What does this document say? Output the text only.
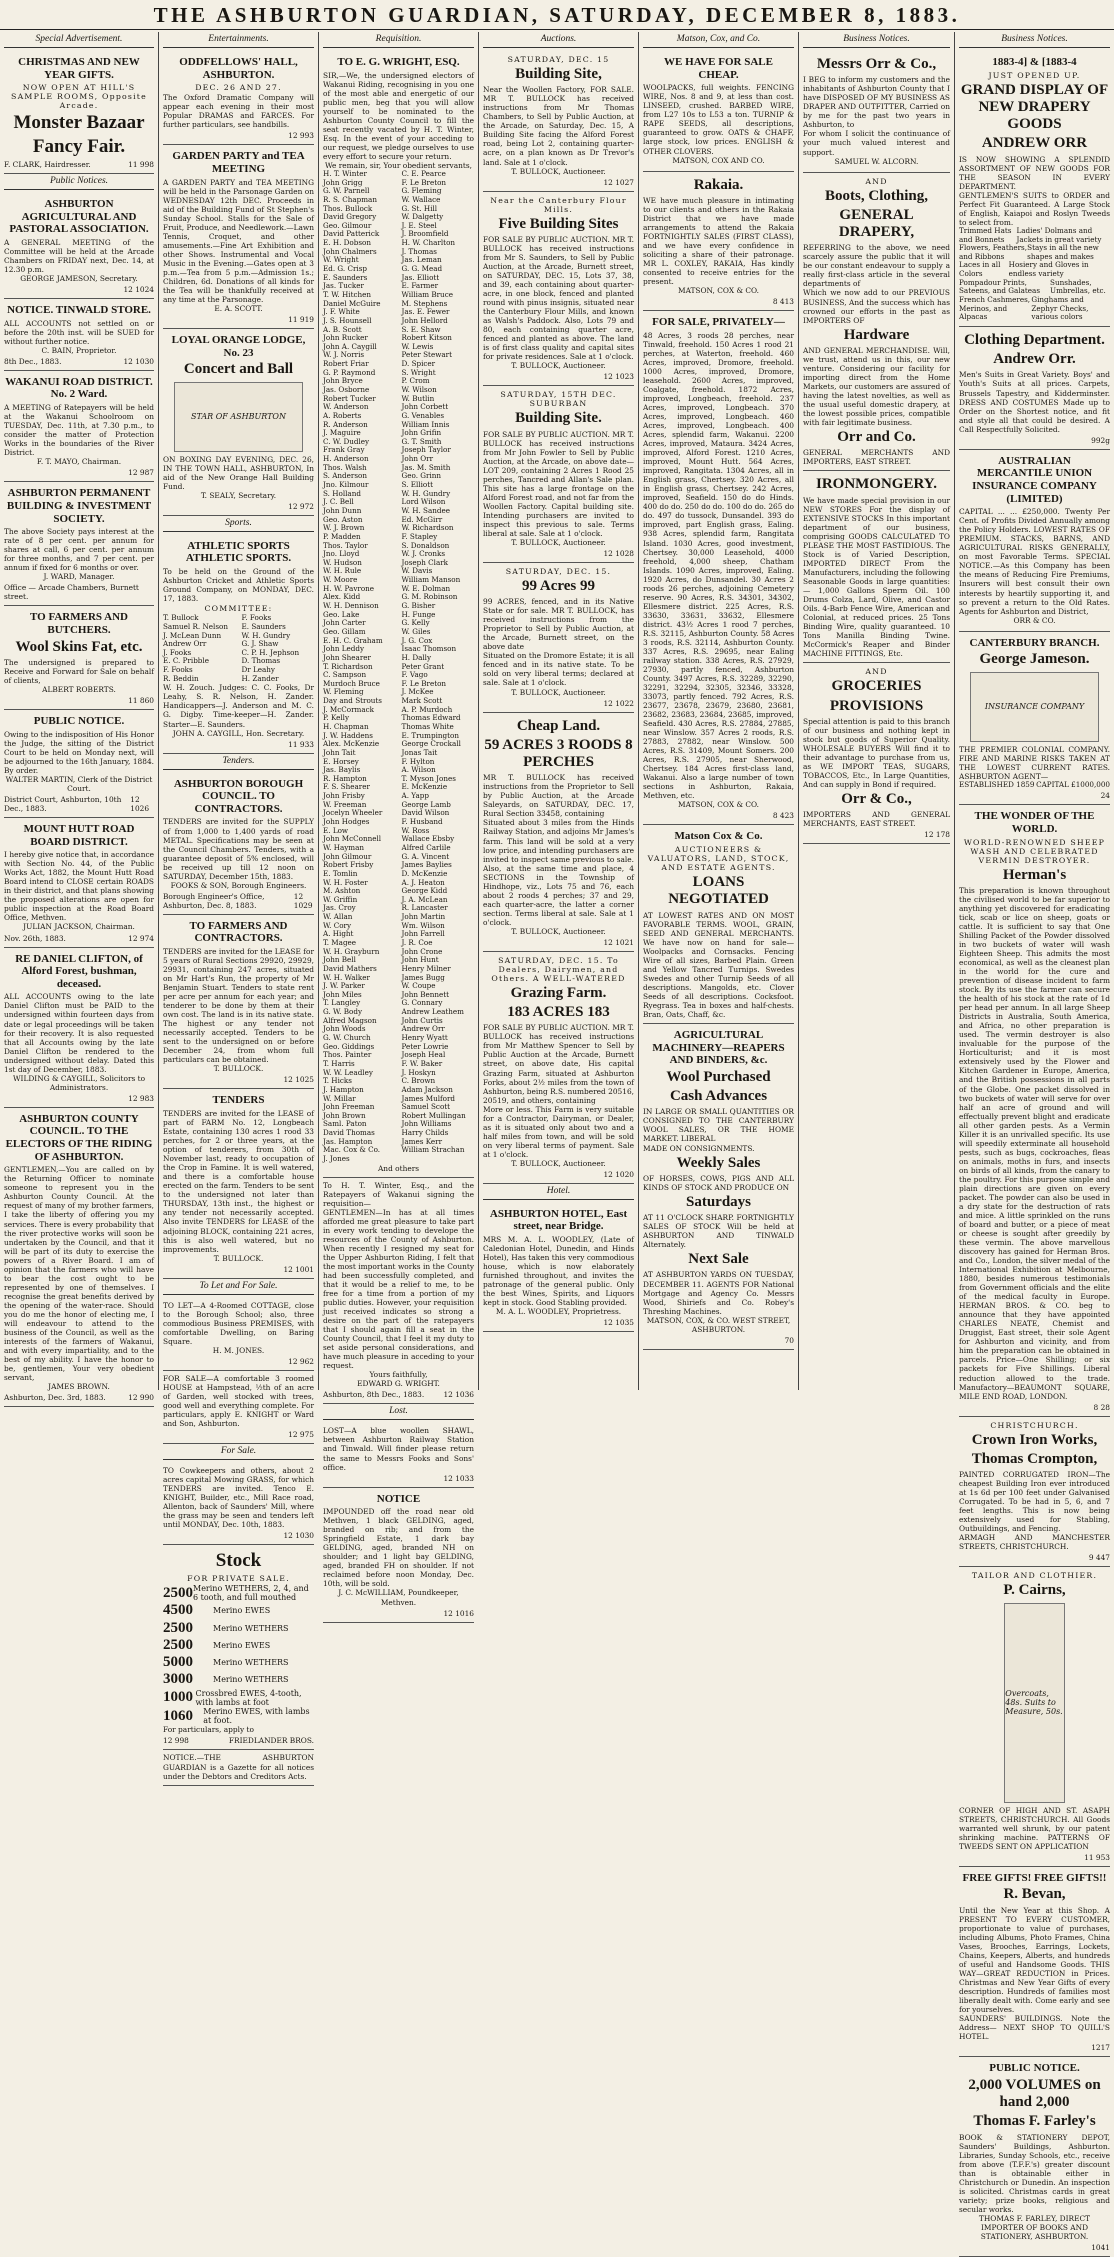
THE ASHBURTON GUARDIAN, SATURDAY, DECEMBER 8, 1883.
Special Advertisement.
CHRISTMAS AND NEW YEAR GIFTS.
NOW OPEN AT HILL'S SAMPLE ROOMS, Opposite Arcade.
Monster Bazaar
Fancy Fair.
F. CLARK, Hairdresser.	11 998
Public Notices.
ASHBURTON AGRICULTURAL AND PASTORAL ASSOCIATION.
A GENERAL MEETING of the Committee will be held at the Arcade Chambers on FRIDAY next, Dec. 14, at 12.30 p.m.
GEORGE JAMESON, Secretary.
12 1024
NOTICE. TINWALD STORE.
ALL ACCOUNTS not settled on or before the 20th inst. will be SUED for without further notice.
C. BAIN, Proprietor.
8th Dec., 1883.	12 1030
WAKANUI ROAD DISTRICT. No. 2 Ward.
A MEETING of Ratepayers will be held at the Wakanui Schoolroom on TUESDAY, Dec. 11th, at 7.30 p.m., to consider the matter of Protection Works in the boundaries of the River District.
F. T. MAYO, Chairman.
12 987
ASHBURTON PERMANENT BUILDING & INVESTMENT SOCIETY.
The above Society pays interest at the rate of 8 per cent. per annum for shares at call, 6 per cent. per annum for three months, and 7 per cent. per annum if fixed for 6 months or over.
J. WARD, Manager.
Office — Arcade Chambers, Burnett street.
TO FARMERS AND BUTCHERS.
Wool Skins Fat, etc.
The undersigned is prepared to Receive and Forward for Sale on behalf of clients,
ALBERT ROBERTS.
11 860
PUBLIC NOTICE.
Owing to the indisposition of His Honor the Judge, the sitting of the District Court to be held on Monday next, will be adjourned to the 16th January, 1884. By order.
WALTER MARTIN, Clerk of the District Court.
District Court, Ashburton, 10th Dec., 1883.
12 1026
MOUNT HUTT ROAD BOARD DISTRICT.
I hereby give notice that, in accordance with Section No. 44, of the Public Works Act, 1882, the Mount Hutt Road Board intend to CLOSE certain ROADS in their district, and that plans showing the proposed alterations are open for public inspection at the Road Board Office, Methven.
JULIAN JACKSON, Chairman.
Nov. 26th, 1883.	12 974
RE DANIEL CLIFTON, of Alford Forest, bushman, deceased.
ALL ACCOUNTS owing to the late Daniel Clifton must be PAID to the undersigned within fourteen days from date or legal proceedings will be taken for their recovery. It is also requested that all Accounts owing by the late Daniel Clifton be rendered to the undersigned without delay. Dated this 1st day of December, 1883.
WILDING & CAYGILL, Solicitors to Administrators.
12 983
ASHBURTON COUNTY COUNCIL. TO THE ELECTORS OF THE RIDING OF ASHBURTON.
GENTLEMEN,—You are called on by the Returning Officer to nominate someone to represent you in the Ashburton County Council. At the request of many of my brother farmers, I take the liberty of offering you my services. There is every probability that the river protective works will soon be undertaken by the Council, and that it will be part of its duty to exercise the powers of a River Board. I am of opinion that the farmers who will have to bear the cost ought to be represented by one of themselves. I recognise the great benefits derived by the opening of the water-race. Should you do me the honor of electing me, I will endeavour to attend to the business of the Council, as well as the interests of the farmers of Wakanui, and with every impartiality, and to the best of my ability. I have the honor to be, gentlemen, Your very obedient servant,
JAMES BROWN.
Ashburton, Dec. 3rd, 1883.	12 990
Entertainments.
ODDFELLOWS' HALL, ASHBURTON.
DEC. 26 AND 27.
The Oxford Dramatic Company will appear each evening in their most Popular DRAMAS and FARCES. For further particulars, see handbills.
12 993
GARDEN PARTY and TEA MEETING
A GARDEN PARTY and TEA MEETING will be held in the Parsonage Garden on WEDNESDAY 12th DEC. Proceeds in aid of the Building Fund of St Stephen's Sunday School. Stalls for the Sale of Fruit, Produce, and Needlework.—Lawn Tennis, Croquet, and other amusements.—Fine Art Exhibition and other Shows. Instrumental and Vocal Music in the Evening.—Gates open at 3 p.m.—Tea from 5 p.m.—Admission 1s.; Children, 6d. Donations of all kinds for the Tea will be thankfully received at any time at the Parsonage.
E. A. SCOTT.
11 919
LOYAL ORANGE LODGE, No. 23
Concert and Ball
STAR OF ASHBURTON
ON BOXING DAY EVENING, DEC. 26, IN THE TOWN HALL, ASHBURTON, In aid of the New Orange Hall Building Fund.
T. SEALY, Secretary.
12 972
Sports.
ATHLETIC SPORTS ATHLETIC SPORTS.
To be held on the Ground of the Ashburton Cricket and Athletic Sports Ground Company, on MONDAY, DEC. 17, 1883.
COMMITTEE:
T. Bullock
Samuel R. Nelson
J. McLean Dunn
Andrew Orr
J. Fooks
E. C. Pribble
F. Fooks
R. Beddin
F. Fooks
E. Saunders
W. H. Gundry
G. J. Shaw
C. P. H. Jephson
D. Thomas
Dr Leahy
H. Zander
W. H. Zouch. Judges: C. C. Fooks, Dr Leahy, S. R. Nelson, H. Zander. Handicappers—J. Anderson and M. C. G. Digby. Time-keeper—H. Zander. Starter—E. Saunders.
JOHN A. CAYGILL, Hon. Secretary.
11 933
Tenders.
ASHBURTON BOROUGH COUNCIL. TO CONTRACTORS.
TENDERS are invited for the SUPPLY of from 1,000 to 1,400 yards of road METAL. Specifications may be seen at the Council Chambers. Tenders, with a guarantee deposit of 5% enclosed, will be received up till 12 noon on SATURDAY, December 15th, 1883.
FOOKS & SON, Borough Engineers.
Borough Engineer's Office, Ashburton, Dec. 8, 1883.
12 1029
TO FARMERS AND CONTRACTORS.
TENDERS are invited for the LEASE for 5 years of Rural Sections 29920, 29929, 29931, containing 247 acres, situated on Mr Hart's Run, the property of Mr Benjamin Stuart. Tenders to state rent per acre per annum for each year; and tenderer to be done by them at their own cost. The land is in its native state. The highest or any tender not necessarily accepted. Tenders to be sent to the undersigned on or before December 24, from whom full particulars can be obtained.
T. BULLOCK.
12 1025
TENDERS
TENDERS are invited for the LEASE of part of FARM No. 12, Longbeach Estate, containing 130 acres 1 rood 33 perches, for 2 or three years, at the option of tenderers, from 30th of November last, ready to occupation of the Crop in Famine. It is well watered, and there is a comfortable house erected on the farm. Tenders to be sent to the undersigned not later than THURSDAY, 13th inst., the highest or any tender not necessarily accepted. Also invite TENDERS for LEASE of the adjoining BLOCK, containing 221 acres, this is also well watered, but no improvements.
T. BULLOCK.
12 1001
To Let and For Sale.
TO LET—A 4-Roomed COTTAGE, close to the Borough School; also, three commodious Business PREMISES, with comfortable Dwelling, on Baring Square.
H. M. JONES.
12 962
FOR SALE—A comfortable 3 roomed HOUSE at Hampstead, ½th of an acre of Garden, well stocked with trees, good well and everything complete. For particulars, apply E. KNIGHT or Ward and Son, Ashburton.
12 975
For Sale.
TO Cowkeepers and others, about 2 acres capital Mowing GRASS, for which TENDERS are invited. Tenco E. KNIGHT, Builder, etc., Mill Race road, Allenton, back of Saunders' Mill, where the grass may be seen and tenders left until MONDAY, Dec. 10th, 1883.
12 1030
Stock
FOR PRIVATE SALE.
2500 Merino WETHERS, 2, 4, and 6 tooth, and full mouthed
4500	Merino EWES
2500	Merino WETHERS
2500	Merino EWES
5000	Merino WETHERS
3000	Merino WETHERS
1000 Crossbred EWES, 4-tooth, with lambs at foot
1060	Merino EWES, with lambs at foot.
For particulars, apply to
12 998	FRIEDLANDER BROS.
NOTICE.—THE ASHBURTON GUARDIAN is a Gazette for all notices under the Debtors and Creditors Acts.
Requisition.
TO E. G. WRIGHT, ESQ.
SIR,—We, the undersigned electors of Wakanui Riding, recognising in you one of the most able and energetic of our public men, beg that you will allow yourself to be nominated to the Ashburton County Council to fill the seat recently vacated by H. T. Winter, Esq. In the event of your acceding to our request, we pledge ourselves to use every effort to secure your return.
We remain, sir, Your obedient servants,
H. T. Winter
John Grigg
G. W. Parnell
R. S. Chapman
Thos. Bullock
David Gregory
Geo. Gilmour
David Patterick
E. H. Dobson
John Chalmers
W. Wright
Ed. G. Crisp
E. Saunders
Jas. Tucker
T. W. Hitchen
Daniel McGuire
J. F. White
J. S. Hounsell
A. B. Scott
John Rucker
John A. Caygill
W. J. Norris
Robert Friar
G. P. Raymond
John Bryce
Jas. Osborne
Robert Tucker
W. Anderson
A. Roberts
R. Anderson
J. Maguire
C. W. Dudley
Frank Gray
H. Anderson
Thos. Walsh
S. Anderson
Jno. Kilmour
S. Holland
J. C. Bell
John Dunn
Geo. Aston
W. J. Brown
P. Madden
Thos. Taylor
Jno. Lloyd
W. Hudson
W. H. Rule
W. Moore
H. W. Pavrone
Alex. Kidd
W. H. Dennison
Geo. Lake
John Carter
Geo. Gillam
E. H. C. Graham
John Leddy
John Shearer
T. Richardson
C. Sampson
Murdoch Bruce
W. Fleming
Day and Strouts
J. McCormack
P. Kelly
H. Chapman
J. W. Haddens
Alex. McKenzie
John Tait
E. Horsey
Jas. Baylis
R. Hampton
F. S. Shearer
John Frisby
W. Freeman
Jocelyn Wheeler
John Hodges
E. Low
John McConnell
W. Hayman
John Gilmour
Robert Frisby
E. Tomlin
W. H. Foster
M. Ashton
W. Griffin
Jas. Croy
W. Allan
W. Cory
A. Hight
T. Magee
W. H. Grayburn
John Bell
David Mathers
W. H. Walker
J. W. Parker
John Miles
T. Langley
G. W. Body
Alfred Magson
John Woods
G. W. Church
Geo. Giddings
Thos. Painter
T. Harris
W. W. Leadley
T. Hicks
J. Hampton
W. Millar
John Freeman
John Brown
Saml. Paton
David Thomas
Jas. Hampton
Mac. Cox & Co.
J. Jones
C. E. Pearce
F. Le Breton
G. Fleming
W. Wallace
G. St. Hill
W. Dalgetty
J. E. Steel
J. Broomfield
H. W. Charlton
J. Thomas
Jas. Leman
G. G. Mead
Jas. Elliott
E. Farmer
William Bruce
M. Stephens
Jas. E. Fewer
John Hellord
S. E. Shaw
Robert Kitson
W. Lewis
Peter Stewart
D. Spicer
S. Wright
P. Crom
W. Wilson
W. Butlin
John Corbett
G. Venables
William Innis
John Grifin
G. T. Smith
Joseph Taylor
John Orr
Jas. M. Smith
Geo. Grinn
S. Elliott
W. H. Gundry
Lord Wilson
W. H. Sandee
Ed. McGirr
W. Richardson
F. Stapley
S. Donaldson
W. J. Cronks
Joseph Clark
W. Davis
William Manson
W. E. Dolman
G. M. Robinson
G. Bisher
H. Funge
G. Kelly
W. Giles
J. G. Cox
Isaac Thomson
H. Dally
Peter Grant
F. Vago
F. Le Breton
J. McKee
Mark Scott
A. P. Murdoch
Thomas Edward
Thomas White
E. Trumpington
George Crockall
Jonas Tait
F. Hylton
A. Wilson
T. Myson Jones
E. McKenzie
A. Yapp
George Lamb
David Wilson
F. Husband
W. Ross
Wallace Ebsby
Alfred Carlile
G. A. Vincent
James Baylies
D. McKenzie
A. J. Heaton
George Kidd
J. A. McLean
R. Lancaster
John Martin
Wm. Wilson
John Farrell
J. R. Coe
John Crone
John Hunt
Henry Milner
James Bugg
W. Coupe
John Bennett
G. Connary
Andrew Leathem
John Curtis
Andrew Orr
Henry Wyatt
Peter Lowrie
Joseph Heal
F. W. Baker
J. Hoskyn
C. Brown
Adam Jackson
James Mulford
Samuel Scott
Robert Mullingan
John Williams
Harry Childs
James Kerr
William Strachan
And others
To H. T. Winter, Esq., and the Ratepayers of Wakanui signing the requisition—
GENTLEMEN—In has at all times afforded me great pleasure to take part in every work tending to develope the resources of the County of Ashburton. When recently I resigned my seat for the Upper Ashburton Riding, I felt that the most important works in the County had been successfully completed, and that it would be a relief to me, to be free for a time from a portion of my public duties. However, your requisition just received indicates so strong a desire on the part of the ratepayers that I should again fill a seat in the County Council, that I feel it my duty to set aside personal considerations, and have much pleasure in acceding to your request.
Yours faithfully,
EDWARD G. WRIGHT.
Ashburton, 8th Dec., 1883.	12 1036
Lost.
LOST—A blue woollen SHAWL, between Ashburton Railway Station and Tinwald. Will finder please return the same to Messrs Fooks and Sons' office.
12 1033
NOTICE
IMPOUNDED off the road near old Methven, 1 black GELDING, aged, branded on rib; and from the Springfield Estate, 1 dark bay GELDING, aged, branded NH on shoulder; and 1 light bay GELDING, aged, branded FH on shoulder. If not reclaimed before noon Monday, Dec. 10th, will be sold.
J. C. McWILLIAM, Poundkeeper, Methven.
12 1016
Auctions.
SATURDAY, DEC. 15
Building Site,
Near the Woollen Factory, FOR SALE. MR T. BULLOCK has received instructions from Mr Thomas Chambers, to Sell by Public Auction, at the Arcade, on Saturday, Dec. 15, A Building Site facing the Alford Forest road, being Lot 2, containing quarter-acre, on a plan known as Dr Trevor's land. Sale at 1 o'clock.
T. BULLOCK, Auctioneer.
12 1027
Near the Canterbury Flour Mills.
Five Building Sites
FOR SALE BY PUBLIC AUCTION. MR T. BULLOCK has received instructions from Mr S. Saunders, to Sell by Public Auction, at the Arcade, Burnett street, on SATURDAY, DEC. 15, Lots 37, 38, and 39, each containing about quarter-acre, in one block, fenced and planted round with pinus insignis, situated near the Canterbury Flour Mills, and known as Walsh's Paddock. Also, Lots 79 and 80, each containing quarter acre, fenced and planted as above. The land is of first class quality and capital sites for private residences. Sale at 1 o'clock.
T. BULLOCK, Auctioneer.
12 1023
SATURDAY, 15TH DEC. SUBURBAN
Building Site.
FOR SALE BY PUBLIC AUCTION. MR T. BULLOCK has received instructions from Mr John Fowler to Sell by Public Auction, at the Arcade, on above date— LOT 209, containing 2 Acres 1 Rood 25 perches, Tancred and Allan's Sale plan. This site has a large frontage on the Alford Forest road, and not far from the Woollen Factory. Capital building site. Intending purchasers are invited to inspect this previous to sale. Terms liberal at sale. Sale at 1 o'clock.
T. BULLOCK, Auctioneer.
12 1028
SATURDAY, DEC. 15.
99 Acres 99
99 ACRES, fenced, and in its Native State or for sale. MR T. BULLOCK, has received instructions from the Proprietor to Sell by Public Auction, at the Arcade, Burnett street, on the above date
Situated on the Dromore Estate; it is all fenced and in its native state. To be sold on very liberal terms; declared at sale. Sale at 1 o'clock.
T. BULLOCK, Auctioneer.
12 1022
Cheap Land.
59 ACRES 3 ROODS 8 PERCHES
MR T. BULLOCK has received instructions from the Proprietor to Sell by Public Auction, at the Arcade Saleyards, on SATURDAY, DEC. 17, Rural Section 33458, containing
Situated about 3 miles from the Hinds Railway Station, and adjoins Mr James's farm. This land will be sold at a very low price, and intending purchasers are invited to inspect same previous to sale. Also, at the same time and place, 4 SECTIONS in the Township of Hindhope, viz., Lots 75 and 76, each about 2 roods 4 perches; 37 and 29, each quarter-acre, the latter a corner section. Terms liberal at sale. Sale at 1 o'clock.
T. BULLOCK, Auctioneer.
12 1021
SATURDAY, DEC. 15. To Dealers, Dairymen, and Others. A WELL-WATERED
Grazing Farm.
183 ACRES 183
FOR SALE BY PUBLIC AUCTION. MR T. BULLOCK has received instructions from Mr Matthew Spencer to Sell by Public Auction at the Arcade, Burnett street, on above date, His capital Grazing Farm, situated at Ashburton Forks, about 2½ miles from the town of Ashburton, being R.S. numbered 20516, 20519, and others, containing
More or less. This Farm is very suitable for a Contractor, Dairyman, or Dealer, as it is situated only about two and a half miles from town, and will be sold on very liberal terms of payment. Sale at 1 o'clock.
T. BULLOCK, Auctioneer.
12 1020
Hotel.
ASHBURTON HOTEL, East street, near Bridge.
MRS M. A. L. WOODLEY, (Late of Caledonian Hotel, Dunedin, and Hinds Hotel), Has taken this very commodious house, which is now elaborately furnished throughout, and invites the patronage of the general public. Only the best Wines, Spirits, and Liquors kept in stock. Good Stabling provided.
M. A. L. WOODLEY, Proprietress.
12 1035
Matson, Cox, and Co.
WE HAVE FOR SALE CHEAP.
WOOLPACKS, full weights. FENCING WIRE, Nos. 8 and 9, at less than cost. LINSEED, crushed. BARBED WIRE, from L27 10s to L53 a ton. TURNIP & RAPE SEEDS, all descriptions, guaranteed to grow. OATS & CHAFF, large stock, low prices. ENGLISH & OTHER CLOVERS.
MATSON, COX AND CO.
Rakaia.
WE have much pleasure in intimating to our clients and others in the Rakaia District that we have made arrangements to attend the Rakaia FORTNIGHTLY SALES (FIRST CLASS), and we have every confidence in soliciting a share of their patronage. MR L. COXLEY, RAKAIA, Has kindly consented to receive entries for the present.
MATSON, COX & CO.
8 413
FOR SALE, PRIVATELY—
48 Acres, 3 roods 28 perches, near Tinwald, freehold. 150 Acres 1 rood 21 perches, at Waterton, freehold. 460 Acres, improved, Dromore, freehold. 1000 Acres, improved, Dromore, leasehold. 2600 Acres, improved, Coalgate, freehold. 1872 Acres, improved, Longbeach, freehold. 237 Acres, improved, Longbeach. 370 Acres, improved, Longbeach. 460 Acres, improved, Longbeach. 400 Acres, splendid farm, Wakanui. 2200 Acres, improved, Mataura. 3424 Acres, improved, Alford Forest. 1210 Acres, improved, Mount Hutt. 564 Acres, improved, Rangitata. 1304 Acres, all in English grass, Chertsey. 320 Acres, all in English grass, Chertsey. 242 Acres, improved, Seafield. 150 do do Hinds. 400 do do. 250 do do. 100 do do. 265 do do. 497 do tussock, Dunsandel. 393 do improved, part English grass, Ealing. 938 Acres, splendid farm, Rangitata Island. 1030 Acres, good investment, Chertsey. 30,000 Leasehold, 4000 freehold, 4,000 sheep, Chatham Islands. 1090 Acres, improved, Ealing. 1920 Acres, do Dunsandel. 30 Acres 2 roods 26 perches, adjoining Cemetery reserve. 90 Acres, R.S. 34301, 34302, Ellesmere district. 225 Acres, R.S. 33630, 33631, 33632, Ellesmere district. 43½ Acres 1 rood 7 perches, R.S. 32115, Ashburton County. 58 Acres 3 roods, R.S. 32114, Ashburton County. 337 Acres, R.S. 29695, near Ealing railway station. 338 Acres, R.S. 27929, 27930, partly fenced, Ashburton County. 3497 Acres, R.S. 32289, 32290, 32291, 32294, 32305, 32346, 33328, 33073, partly fenced. 792 Acres, R.S. 23677, 23678, 23679, 23680, 23681, 23682, 23683, 23684, 23685, improved, Seafield. 430 Acres, R.S. 27884, 27885, near Winslow. 357 Acres 2 roods, R.S. 27883, 27882, near Winslow. 500 Acres, R.S. 31409, Mount Somers. 200 Acres, R.S. 27905, near Sherwood, Chertsey. 184 Acres first-class land, Wakanui. Also a large number of town sections in Ashburton, Rakaia, Methven, etc.
MATSON, COX & CO.
8 423
Matson Cox & Co.
AUCTIONEERS & VALUATORS, LAND, STOCK, AND ESTATE AGENTS.
LOANS NEGOTIATED
AT LOWEST RATES AND ON MOST FAVORABLE TERMS. WOOL, GRAIN, SEED AND GENERAL MERCHANTS. We have now on hand for sale— Woolpacks and Cornsacks. Fencing Wire of all sizes, Barbed Plain. Green and Yellow Tancred Turnips. Swedes Swedes and other Turnip Seeds of all descriptions. Mangolds, etc. Clover Seeds of all descriptions. Cocksfoot. Ryegrass. Tea in boxes and half-chests. Bran, Oats, Chaff, &c.
AGRICULTURAL MACHINERY—REAPERS AND BINDERS, &c.
Wool Purchased
Cash Advances
IN LARGE OR SMALL QUANTITIES OR CONSIGNED TO THE CANTERBURY WOOL SALES, OR THE HOME MARKET. LIBERAL
MADE ON CONSIGNMENTS.
Weekly Sales
OF HORSES, COWS, PIGS AND ALL KINDS OF STOCK AND PRODUCE ON
Saturdays
AT 11 O'CLOCK SHARP. FORTNIGHTLY SALES OF STOCK Will be held at ASHBURTON AND TINWALD Alternately.
Next Sale
AT ASHBURTON YARDS ON TUESDAY, DECEMBER 11. AGENTS FOR National Mortgage and Agency Co. Messrs Wood, Shiriefs and Co. Robey's Threshing Machines.
MATSON, COX, & CO. WEST STREET, ASHBURTON.
70
Business Notices.
Messrs Orr & Co.,
I BEG to inform my customers and the inhabitants of Ashburton County that I have DISPOSED OF MY BUSINESS AS DRAPER AND OUTFITTER, Carried on by me for the past two years in Ashburton, to
For whom I solicit the continuance of your much valued interest and support.
SAMUEL W. ALCORN.
AND
Boots, Clothing,
GENERAL DRAPERY,
REFERRING to the above, we need scarcely assure the public that it will be our constant endeavour to supply a really first-class article in the several departments of
Which we now add to our PREVIOUS BUSINESS, And the success which has crowned our efforts in the past as IMPORTERS OF
Hardware
AND GENERAL MERCHANDISE. Will, we trust, attend us in this, our new venture. Considering our facility for importing direct from the Home Markets, our customers are assured of having the latest novelties, as well as the usual useful domestic drapery, at the lowest possible prices, compatible with fair legitimate business.
Orr and Co.
GENERAL MERCHANTS AND IMPORTERS, EAST STREET.
IRONMONGERY.
We have made special provision in our NEW STORES For the display of EXTENSIVE STOCKS In this important department of our business, comprising GOODS CALCULATED TO PLEASE THE MOST FASTIDIOUS. The Stock is of Varied Description, IMPORTED DIRECT From the Manufacturers, including the following Seasonable Goods in large quantities:— 1,000 Gallons Sperm Oil. 100 Drums Colza, Lard, Olive, and Castor Oils. 4-Barb Fence Wire, American and Colonial, at reduced prices. 25 Tons Binding Wire, quality guaranteed. 10 Tons Manilla Binding Twine. McCormick's Reaper and Binder MACHINE FITTINGS, Etc.
AND
GROCERIES
PROVISIONS
Special attention is paid to this branch of our business and nothing kept in stock but goods of Superior Quality. WHOLESALE BUYERS Will find it to their advantage to purchase from us, as WE IMPORT TEAS, SUGARS, TOBACCOS, Etc., In Large Quantities, And can supply in Bond if required.
Orr & Co.,
IMPORTERS AND GENERAL MERCHANTS, EAST STREET.
12 178
Business Notices.
1883-4] & [1883-4
JUST OPENED UP.
GRAND DISPLAY OF NEW DRAPERY GOODS
ANDREW ORR
IS NOW SHOWING A SPLENDID ASSORTMENT OF NEW GOODS FOR THE SEASON IN EVERY DEPARTMENT.
GENTLEMEN'S SUITS to ORDER and Perfect Fit Guaranteed. A Large Stock of English, Kaiapoi and Roslyn Tweeds to select from.
Trimmed Hats and Bonnets
Ladies' Dolmans and Jackets in great variety
Flowers, Feathers, and Ribbons
Stays in all the new shapes and makes
Laces in all Colors
Hosiery and Gloves in endless variety
Pompadour Prints, Sateens, and Galateas
Sunshades, Umbrellas, etc.
French Cashmeres, Merinos, and Alpacas
Ginghams and Zephyr Checks, various colors
Clothing Department.
Andrew Orr.
Men's Suits in Great Variety. Boys' and Youth's Suits at all prices. Carpets, Brussels Tapestry, and Kidderminster. DRESS AND COSTUMES Made up to Order on the Shortest notice, and fit and style all that could be desired. A Call Respectfully Solicited.
992g
AUSTRALIAN MERCANTILE UNION INSURANCE COMPANY (LIMITED)
CAPITAL ... ... £250,000. Twenty Per Cent. of Profits Divided Annually among the Policy Holders. LOWEST RATES OF PREMIUM. STACKS, BARNS, AND AGRICULTURAL RISKS GENERALLY, on most Favorable Terms. SPECIAL NOTICE.—As this Company has been the means of Reducing Fire Premiums, Insurers will best consult their own interests by heartily supporting it, and so prevent a return to the Old Rates. Agents for Ashburton and District,
ORR & CO.
CANTERBURY BRANCH.
George Jameson.
INSURANCE COMPANY
THE PREMIER COLONIAL COMPANY. FIRE AND MARINE RISKS TAKEN AT THE LOWEST CURRENT RATES. ASHBURTON AGENT—
ESTABLISHED 1859 CAPITAL £1000,000
24
THE WONDER OF THE WORLD.
WORLD-RENOWNED SHEEP WASH AND CELEBRATED VERMIN DESTROYER.
Herman's
This preparation is known throughout the civilised world to be far superior to anything yet discovered for eradicating tick, scab or lice on sheep, goats or cattle. It is sufficient to say that One Shilling Packet of the Powder dissolved in two buckets of water will wash Eighteen Sheep. This admits the most economical, as well as the cleanest plan in the world for the cure and prevention of disease incident to farm stock. By its use the farmer can secure the health of his stock at the rate of 1d per head per annum. In all large Sheep Districts in Australia, South America, and Africa, no other preparation is used. The vermin destroyer is also invaluable for the purpose of the Horticulturist; and it is most extensively used by the Flower and Kitchen Gardener in Europe, America, and the British possessions in all parts of the Globe. One packet dissolved in two buckets of water will serve for over half an acre of ground and will effectually prevent blight and eradicate all other garden pests. As a Vermin Killer it is an unrivalled specific. Its use will speedily exterminate all household pests, such as bugs, cockroaches, fleas on animals, moths in furs, and insects on birds of all kinds, from the canary to the poultry. For this purpose simple and plain directions are given on every packet. The powder can also be used in a dry state for the destruction of rats and mice. A little sprinkled on the runs of board and butter, or a piece of meat or cheese is sought after greedily by these vermin. The above marvellous discovery has gained for Herman Bros. and Co., London, the silver medal of the International Exhibition at Melbourne, 1880, besides numerous testimonials from Government officials and the elite of the medical faculty in Europe. HERMAN BROS. & CO. beg to announce that they have appointed CHARLES NEATE, Chemist and Druggist, East street, their sole Agent for Ashburton and vicinity, and from him the preparation can be obtained in parcels. Price—One Shilling; or six packets for Five Shillings. Liberal reduction allowed to the trade. Manufactory—BEAUMONT SQUARE, MILE END ROAD, LONDON.
8 28
CHRISTCHURCH.
Crown Iron Works,
Thomas Crompton,
PAINTED CORRUGATED IRON—The cheapest Building Iron ever introduced at 1s 6d per 100 feet under Galvanised Corrugated. To be had in 5, 6, and 7 feet lengths. This is now being extensively used for Stabling, Outbuildings, and Fencing.
ARMAGH AND MANCHESTER STREETS, CHRISTCHURCH.
9 447
TAILOR AND CLOTHIER.
P. Cairns,
Overcoats, 48s. Suits to Measure, 50s.
CORNER OF HIGH AND ST. ASAPH STREETS, CHRISTCHURCH. All Goods warranted well shrunk, by our patent shrinking machine. PATTERNS OF TWEEDS SENT ON APPLICATION
11 953
FREE GIFTS! FREE GIFTS!!
R. Bevan,
Until the New Year at this Shop. A PRESENT TO EVERY CUSTOMER, proportionate to value of purchases, including Albums, Photo Frames, China Vases, Brooches, Earrings, Lockets, Chains, Keepers, Alberts, and hundreds of useful and Handsome Goods. THIS WAY—GREAT REDUCTION in Prices. Christmas and New Year Gifts of every description. Hundreds of families most liberally dealt with. Come early and see for yourselves.
SAUNDERS' BUILDINGS. Note the Address— NEXT SHOP TO QUILL'S HOTEL.
1217
PUBLIC NOTICE.
2,000 VOLUMES on hand 2,000
Thomas F. Farley's
BOOK & STATIONERY DEPOT, Saunders' Buildings, Ashburton. Libraries, Sunday Schools, etc., receive from above (T.F.F.'s) greater discount than is obtainable either in Christchurch or Dunedin. An inspection is solicited. Christmas cards in great variety; prize books, religious and secular works.
THOMAS F. FARLEY, DIRECT IMPORTER OF BOOKS AND STATIONERY, ASHBURTON.
1041
